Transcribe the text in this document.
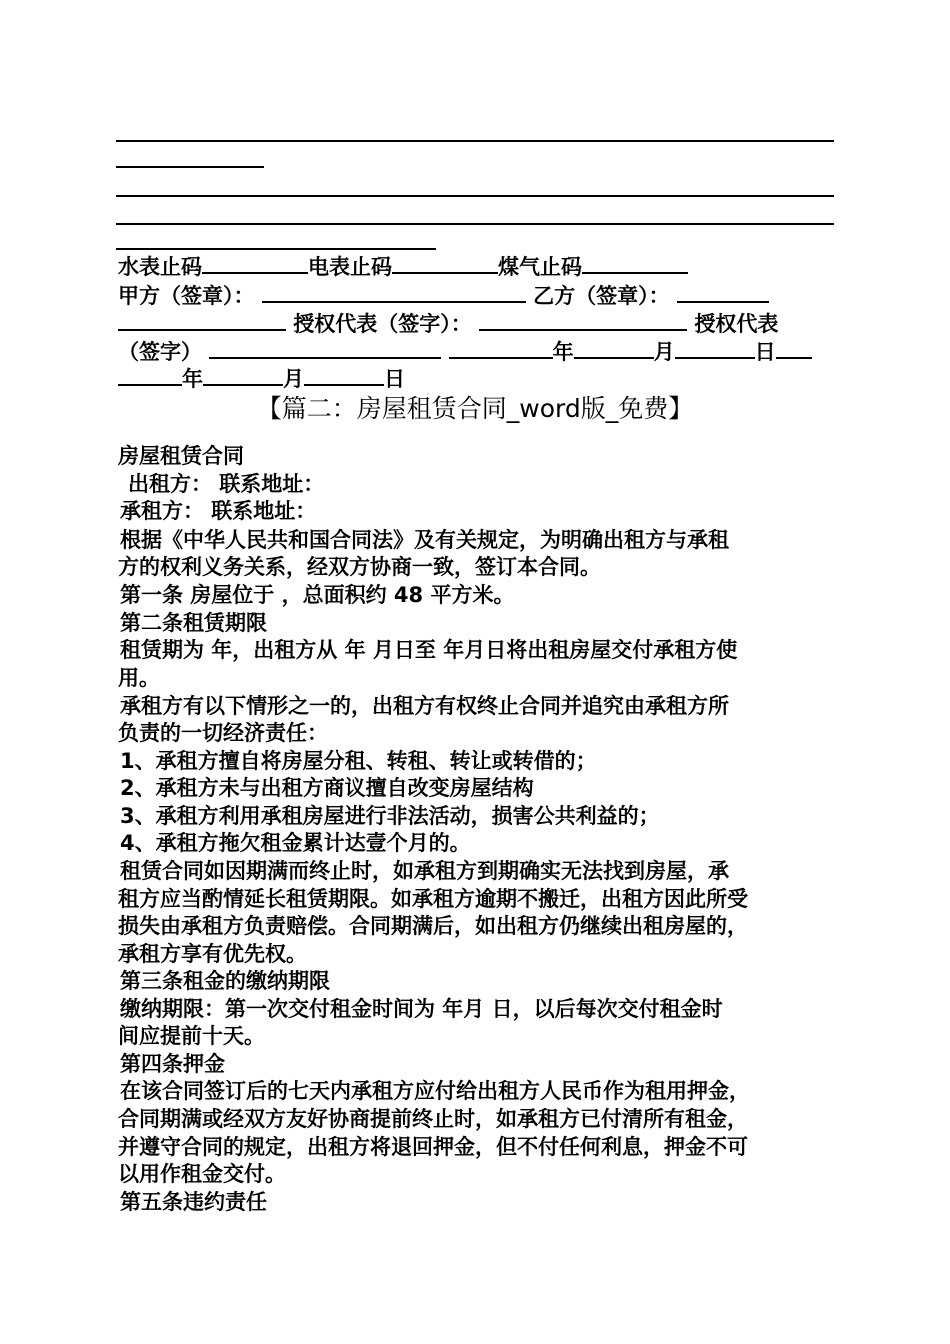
水表止码	电表止码	煤气止码
甲方（签章）：	乙方（签章）：
授权代表（签字）：	授权代表
（签字）	年	月	日
年	月	日
【篇二：房屋租赁合同_word版_免费】
房屋租赁合同
出租方： 联系地址：
承租方： 联系地址：
根据《中华人民共和国合同法》及有关规定，为明确出租方与承租
方的权利义务关系，经双方协商一致，签订本合同。
第一条 房屋位于 ，总面积约 48 平方米。
第二条租赁期限
租赁期为 年，出租方从 年 月日至 年月日将出租房屋交付承租方使
用。
承租方有以下情形之一的，出租方有权终止合同并追究由承租方所
负责的一切经济责任：
1、承租方擅自将房屋分租、转租、转让或转借的；
2、承租方未与出租方商议擅自改变房屋结构
3、承租方利用承租房屋进行非法活动，损害公共利益的；
4、承租方拖欠租金累计达壹个月的。
租赁合同如因期满而终止时，如承租方到期确实无法找到房屋，承
租方应当酌情延长租赁期限。如承租方逾期不搬迁，出租方因此所受
损失由承租方负责赔偿。合同期满后，如出租方仍继续出租房屋的，
承租方享有优先权。
第三条租金的缴纳期限
缴纳期限：第一次交付租金时间为 年月 日，以后每次交付租金时
间应提前十天。
第四条押金
在该合同签订后的七天内承租方应付给出租方人民币作为租用押金，
合同期满或经双方友好协商提前终止时，如承租方已付清所有租金，
并遵守合同的规定，出租方将退回押金，但不付任何利息，押金不可
以用作租金交付。
第五条违约责任
